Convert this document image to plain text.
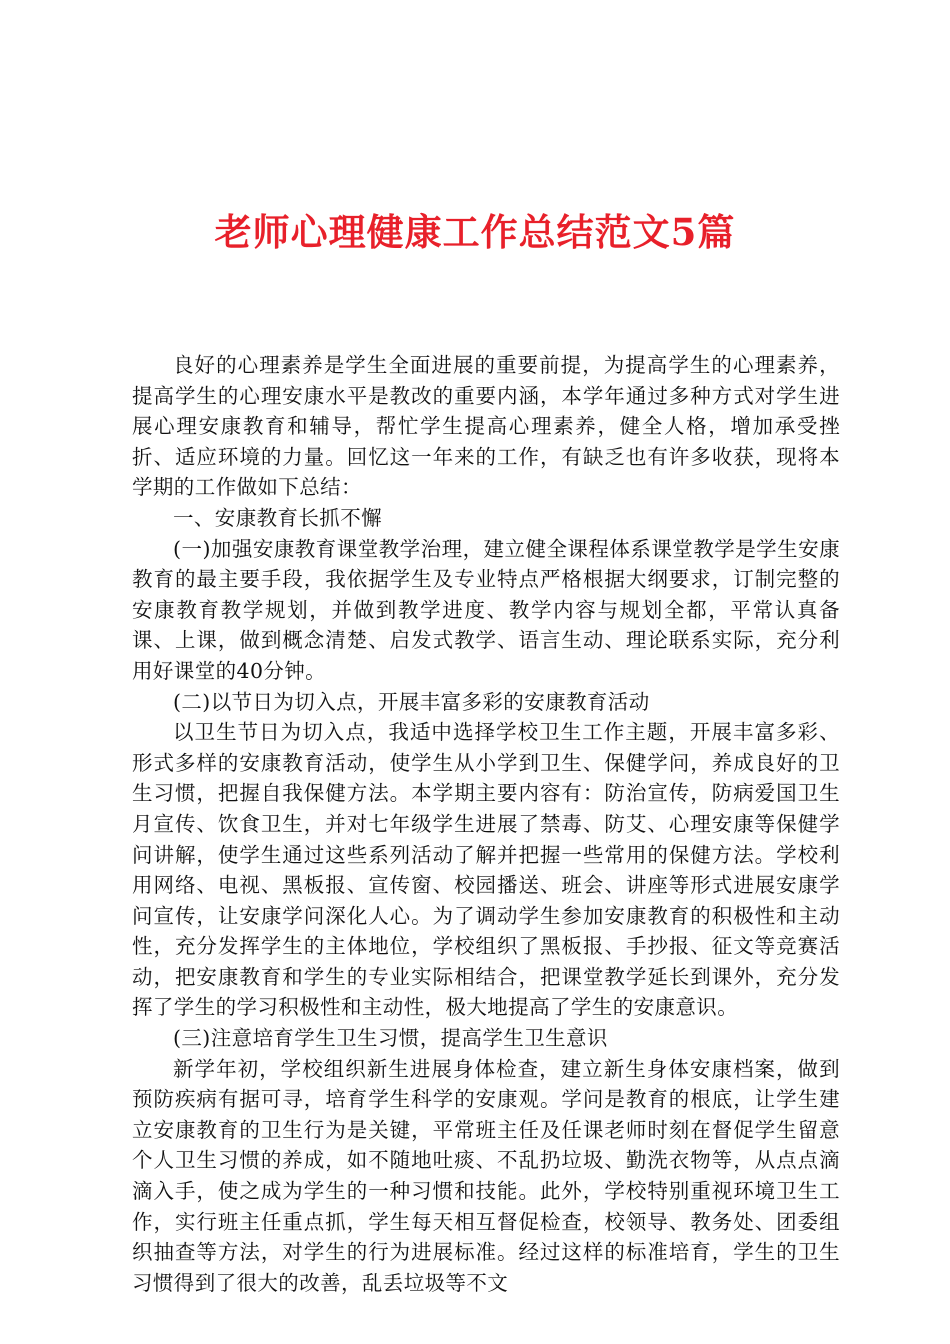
老师心理健康工作总结范文5篇

良好的心理素养是学生全面进展的重要前提，为提高学生的心理素养，提高学生的心理安康水平是教改的重要内涵，本学年通过多种方式对学生进展心理安康教育和辅导，帮忙学生提高心理素养，健全人格，增加承受挫折、适应环境的力量。回忆这一年来的工作，有缺乏也有许多收获，现将本学期的工作做如下总结：

一、安康教育长抓不懈

(一)加强安康教育课堂教学治理，建立健全课程体系课堂教学是学生安康教育的最主要手段，我依据学生及专业特点严格根据大纲要求，订制完整的安康教育教学规划，并做到教学进度、教学内容与规划全都，平常认真备课、上课，做到概念清楚、启发式教学、语言生动、理论联系实际，充分利用好课堂的40分钟。

(二)以节日为切入点，开展丰富多彩的安康教育活动

以卫生节日为切入点，我适中选择学校卫生工作主题，开展丰富多彩、形式多样的安康教育活动，使学生从小学到卫生、保健学问，养成良好的卫生习惯，把握自我保健方法。本学期主要内容有：防治宣传，防病爱国卫生月宣传、饮食卫生，并对七年级学生进展了禁毒、防艾、心理安康等保健学问讲解，使学生通过这些系列活动了解并把握一些常用的保健方法。学校利用网络、电视、黑板报、宣传窗、校园播送、班会、讲座等形式进展安康学问宣传，让安康学问深化人心。为了调动学生参加安康教育的积极性和主动性，充分发挥学生的主体地位，学校组织了黑板报、手抄报、征文等竞赛活动，把安康教育和学生的专业实际相结合，把课堂教学延长到课外，充分发挥了学生的学习积极性和主动性，极大地提高了学生的安康意识。

(三)注意培育学生卫生习惯，提高学生卫生意识

新学年初，学校组织新生进展身体检查，建立新生身体安康档案，做到预防疾病有据可寻，培育学生科学的安康观。学问是教育的根底，让学生建立安康教育的卫生行为是关键，平常班主任及任课老师时刻在督促学生留意个人卫生习惯的养成，如不随地吐痰、不乱扔垃圾、勤洗衣物等，从点点滴滴入手，使之成为学生的一种习惯和技能。此外，学校特别重视环境卫生工作，实行班主任重点抓，学生每天相互督促检查，校领导、教务处、团委组织抽查等方法，对学生的行为进展标准。经过这样的标准培育，学生的卫生习惯得到了很大的改善，乱丢垃圾等不文
